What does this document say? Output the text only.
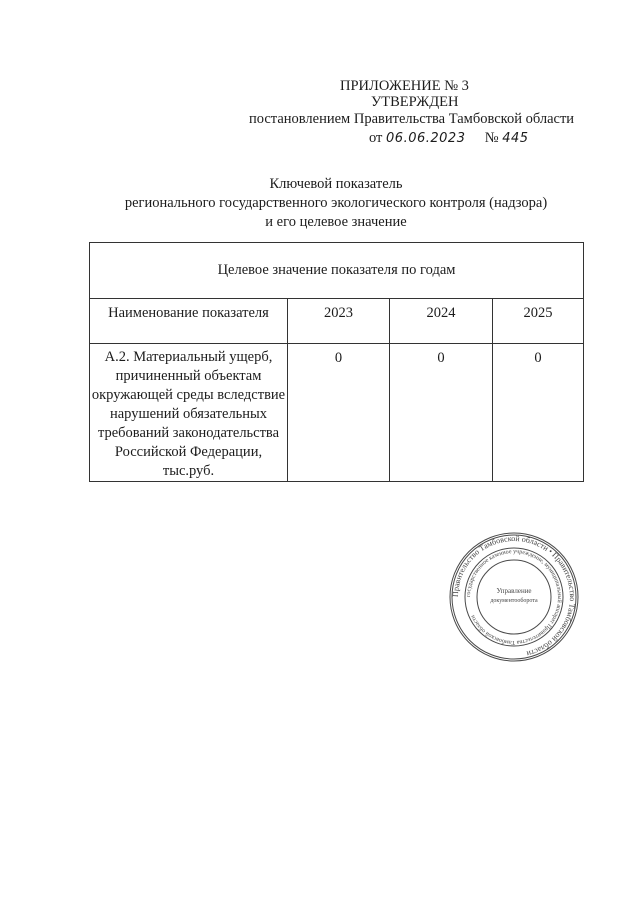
ПРИЛОЖЕНИЕ № 3
УТВЕРЖДЕН
постановлением Правительства Тамбовской области
от 06.06.2023 № 445
Ключевой показатель
регионального государственного экологического контроля (надзора)
и его целевое значение
Целевое значение показателя по годам			

Наименование показателя	2023	2024	2025

А.2. Материальный ущерб, причиненный объектам окружающей среды вследствие нарушений обязательных требований законодательства Российской Федерации, тыс.руб.	0	0	0
Правительство Тамбовской области • Правительство Тамбовской области
государственное казенное учреждение, муниципальный аппарат Правительства Тамбовской области
Управление
документооборота
